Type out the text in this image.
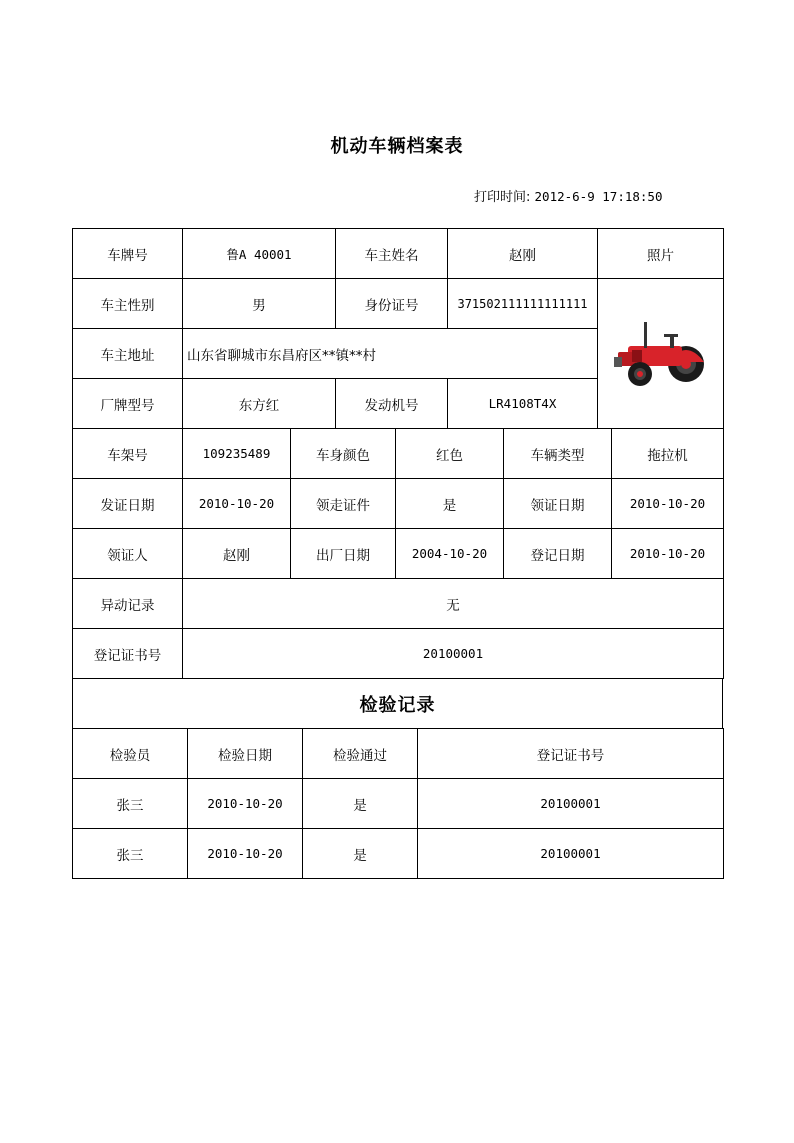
机动车辆档案表
打印时间: 2012-6-9 17:18:50
车牌号	鲁A 40001	车主姓名	赵刚	照片
车主性别	男	身份证号	371502111111111111	
车主地址	山东省聊城市东昌府区**镇**村			
厂牌型号	东方红	发动机号	LR4108T4X	
车架号	109235489	车身颜色	红色	车辆类型	拖拉机
发证日期	2010-10-20	领走证件	是	领证日期	2010-10-20
领证人	赵刚	出厂日期	2004-10-20	登记日期	2010-10-20
异动记录	无				
登记证书号	20100001				
检验记录
检验员	检验日期	检验通过	登记证书号
张三	2010-10-20	是	20100001
张三	2010-10-20	是	20100001
